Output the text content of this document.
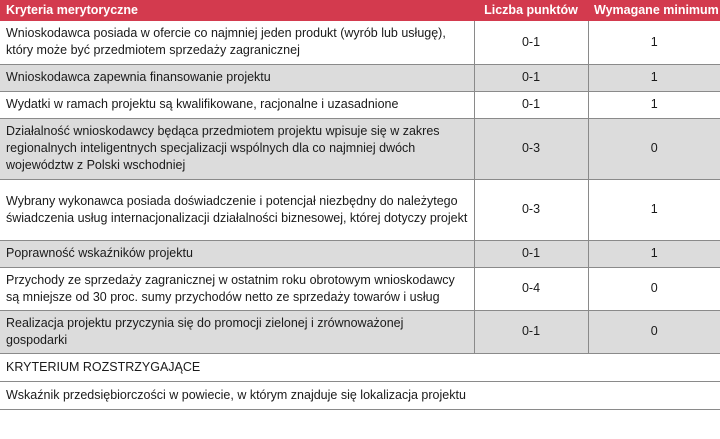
Kryteria merytoryczne	Liczba punktów	Wymagane minimum
Wnioskodawca posiada w ofercie co najmniej jeden produkt (wyrób lub usługę), który może być przedmiotem sprzedaży zagranicznej	0-1	1
Wnioskodawca zapewnia finansowanie projektu	0-1	1
Wydatki w ramach projektu są kwalifikowane, racjonalne i uzasadnione	0-1	1
Działalność wnioskodawcy będąca przedmiotem projektu wpisuje się w zakres regionalnych inteligentnych specjalizacji wspólnych dla co najmniej dwóch województw z Polski wschodniej	0-3	0
Wybrany wykonawca posiada doświadczenie i potencjał niezbędny do należytego świadczenia usług internacjonalizacji działalności biznesowej, której dotyczy projekt	0-3	1
Poprawność wskaźników projektu	0-1	1
Przychody ze sprzedaży zagranicznej w ostatnim roku obrotowym wnioskodawcy są mniejsze od 30 proc. sumy przychodów netto ze sprzedaży towarów i usług	0-4	0
Realizacja projektu przyczynia się do promocji zielonej i zrównoważonej gospodarki	0-1	0
KRYTERIUM ROZSTRZYGAJĄCE		
Wskaźnik przedsiębiorczości w powiecie, w którym znajduje się lokalizacja projektu		
